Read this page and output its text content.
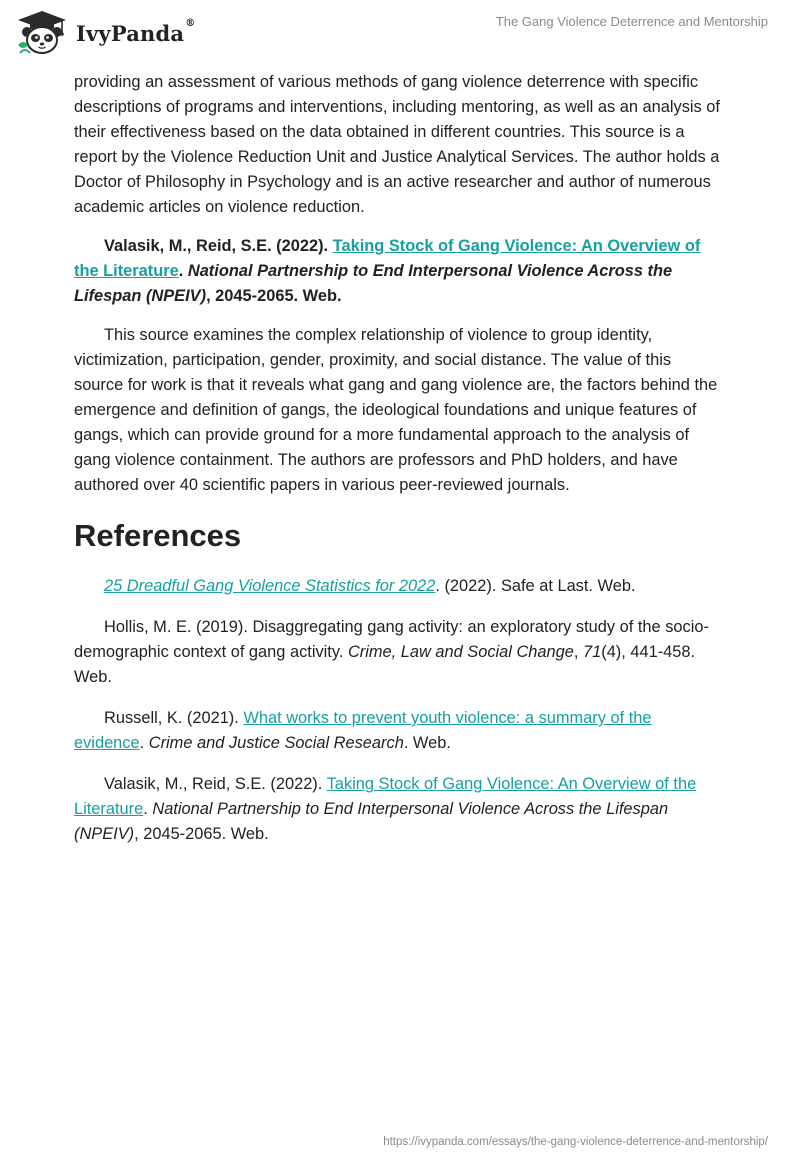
IvyPanda®	The Gang Violence Deterrence and Mentorship

providing an assessment of various methods of gang violence deterrence with specific descriptions of programs and interventions, including mentoring, as well as an analysis of their effectiveness based on the data obtained in different countries. This source is a report by the Violence Reduction Unit and Justice Analytical Services. The author holds a Doctor of Philosophy in Psychology and is an active researcher and author of numerous academic articles on violence reduction.

Valasik, M., Reid, S.E. (2022). Taking Stock of Gang Violence: An Overview of the Literature. National Partnership to End Interpersonal Violence Across the Lifespan (NPEIV), 2045-2065. Web.

This source examines the complex relationship of violence to group identity, victimization, participation, gender, proximity, and social distance. The value of this source for work is that it reveals what gang and gang violence are, the factors behind the emergence and definition of gangs, the ideological foundations and unique features of gangs, which can provide ground for a more fundamental approach to the analysis of gang violence containment. The authors are professors and PhD holders, and have authored over 40 scientific papers in various peer-reviewed journals.

References

25 Dreadful Gang Violence Statistics for 2022. (2022). Safe at Last. Web.

Hollis, M. E. (2019). Disaggregating gang activity: an exploratory study of the socio-demographic context of gang activity. Crime, Law and Social Change, 71(4), 441-458. Web.

Russell, K. (2021). What works to prevent youth violence: a summary of the evidence. Crime and Justice Social Research. Web.

Valasik, M., Reid, S.E. (2022). Taking Stock of Gang Violence: An Overview of the Literature. National Partnership to End Interpersonal Violence Across the Lifespan (NPEIV), 2045-2065. Web.

https://ivypanda.com/essays/the-gang-violence-deterrence-and-mentorship/
